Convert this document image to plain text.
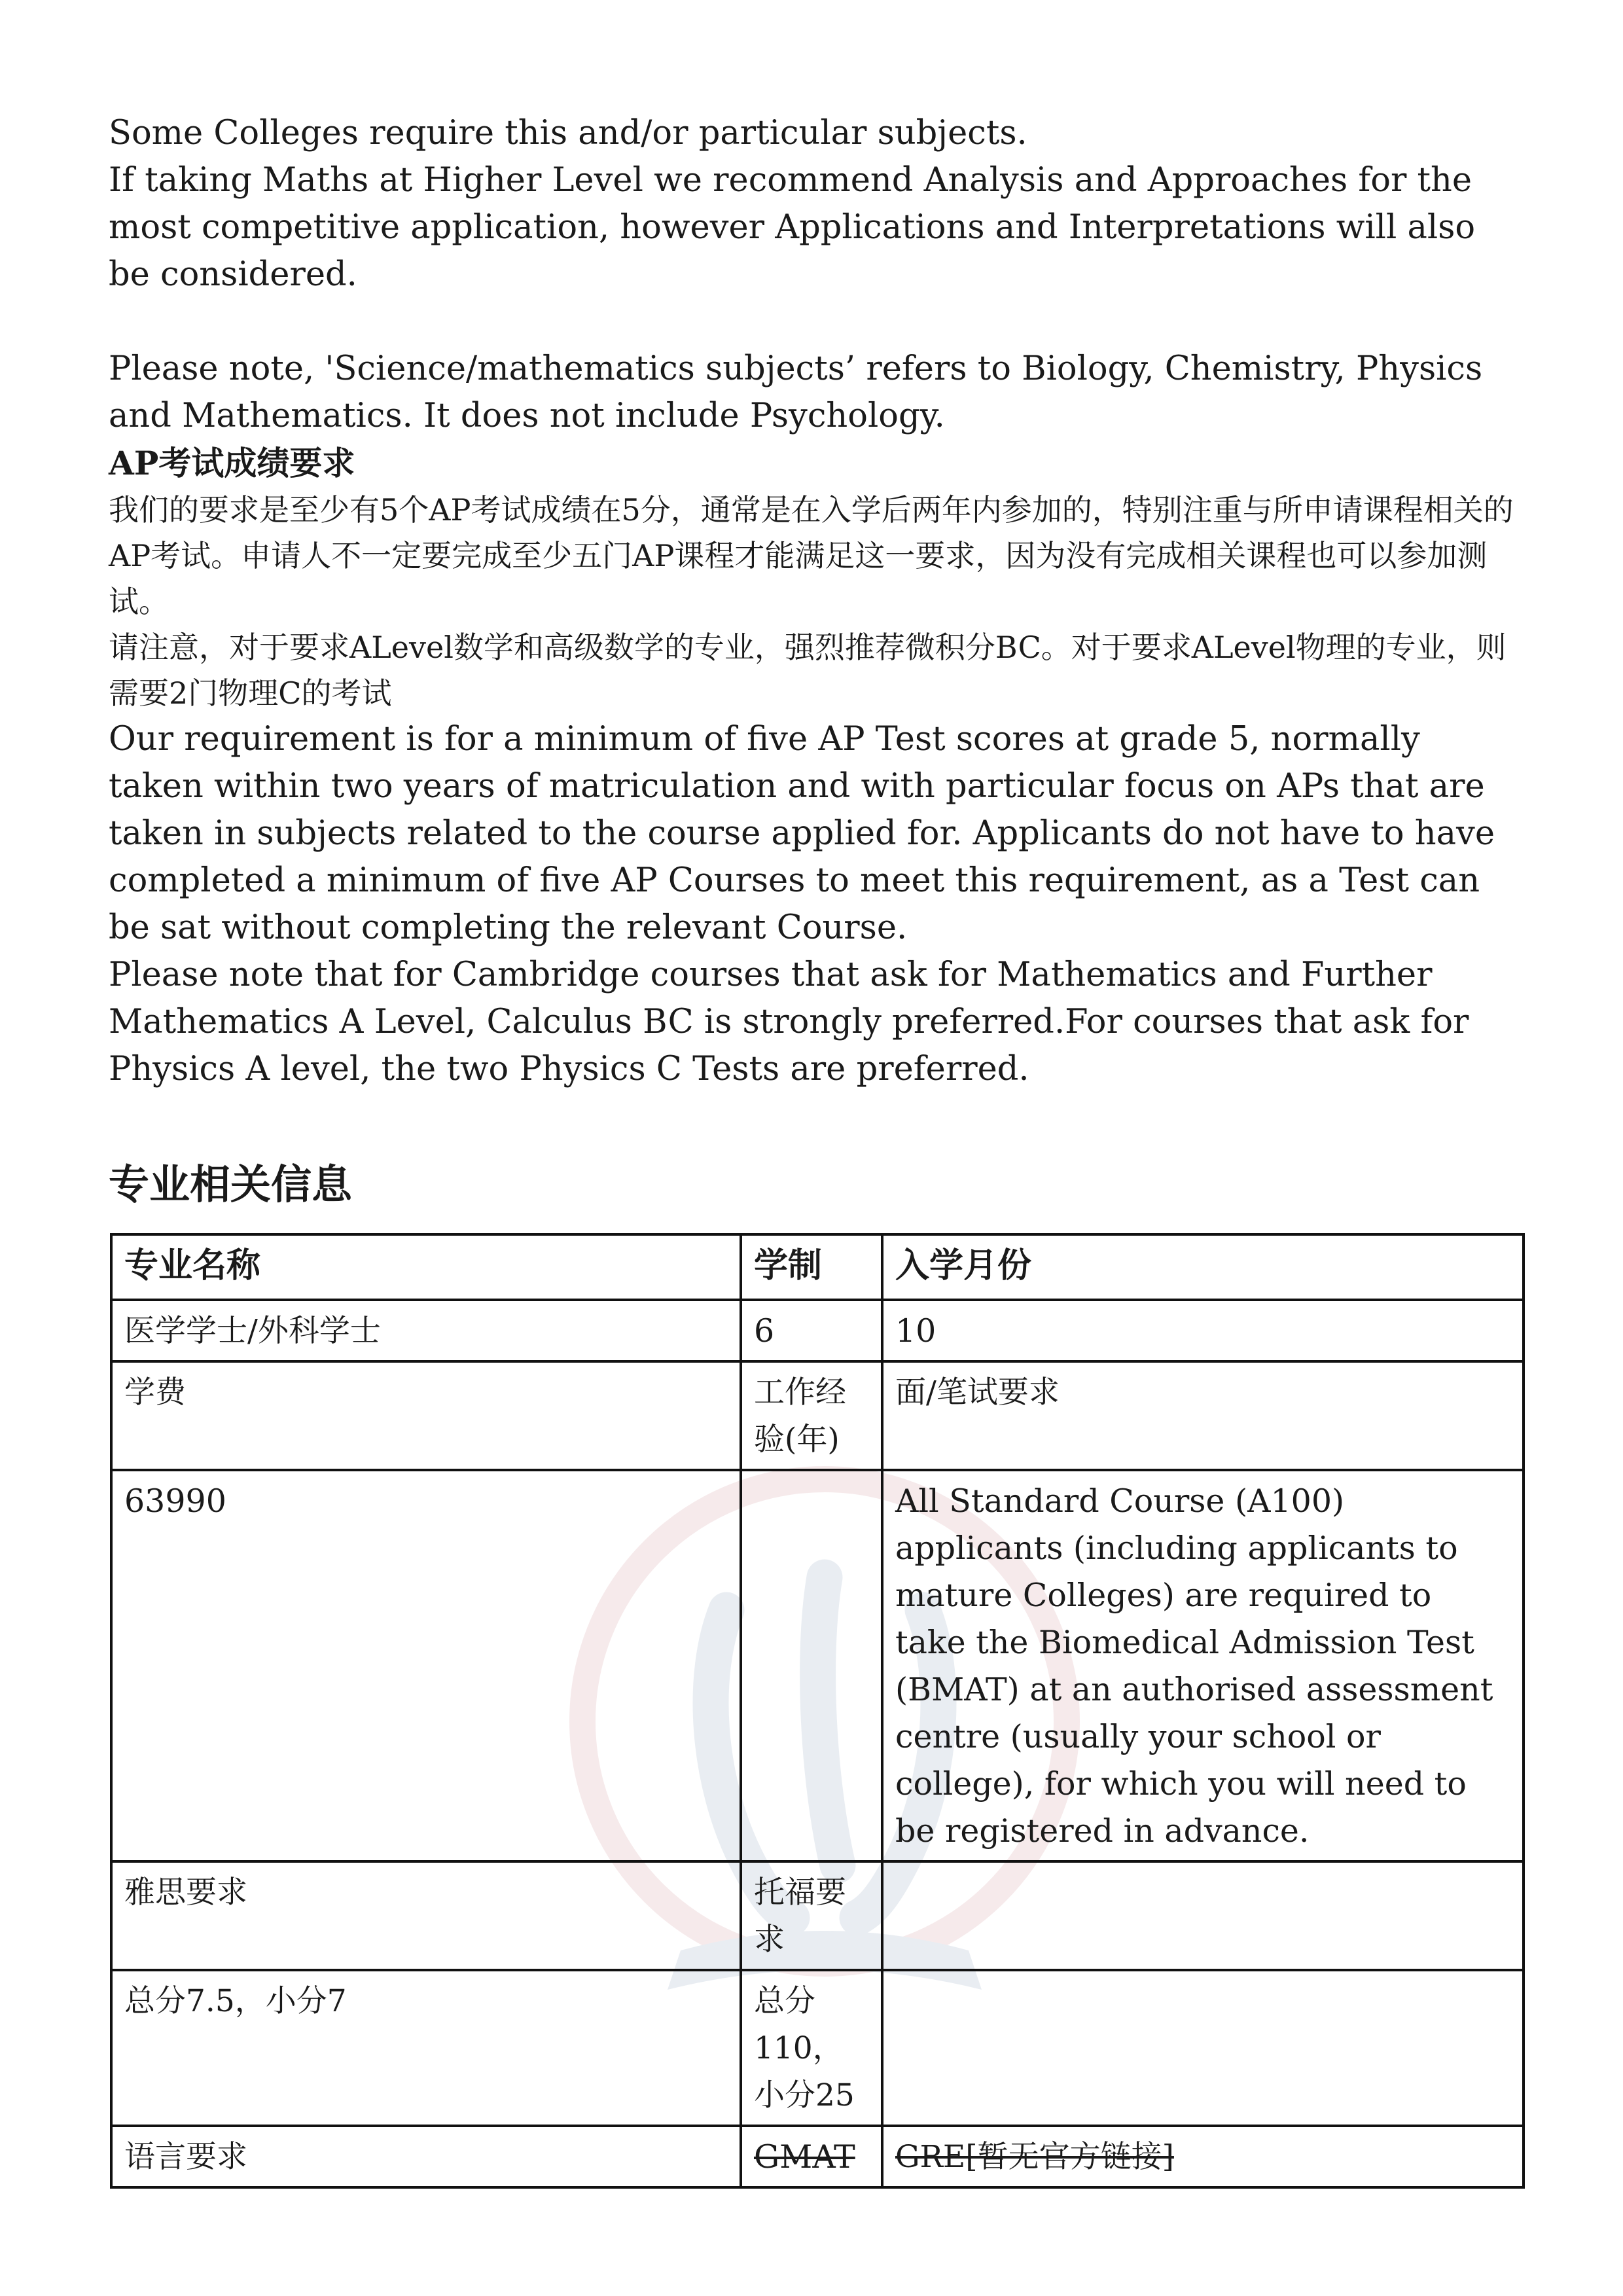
Some Colleges require this and/or particular subjects.

If taking Maths at Higher Level we recommend Analysis and Approaches for the most competitive application, however Applications and Interpretations will also be considered.

Please note, 'Science/mathematics subjects’ refers to Biology, Chemistry, Physics and Mathematics. It does not include Psychology.

AP考试成绩要求

我们的要求是至少有5个AP考试成绩在5分，通常是在入学后两年内参加的，特别注重与所申请课程相关的AP考试。申请人不一定要完成至少五门AP课程才能满足这一要求，因为没有完成相关课程也可以参加测试。

请注意，对于要求ALevel数学和高级数学的专业，强烈推荐微积分BC。对于要求ALevel物理的专业，则需要2门物理C的考试

Our requirement is for a minimum of five AP Test scores at grade 5, normally taken within two years of matriculation and with particular focus on APs that are taken in subjects related to the course applied for. Applicants do not have to have completed a minimum of five AP Courses to meet this requirement, as a Test can be sat without completing the relevant Course.

Please note that for Cambridge courses that ask for Mathematics and Further Mathematics A Level, Calculus BC is strongly preferred.For courses that ask for Physics A level, the two Physics C Tests are preferred.

专业相关信息
专业名称	学制	入学月份
医学学士/外科学士	6	10
学费	工作经验(年)	面/笔试要求
63990		All Standard Course (A100) applicants (including applicants to mature Colleges) are required to take the Biomedical Admission Test (BMAT) at an authorised assessment centre (usually your school or college), for which you will need to be registered in advance.
雅思要求	托福要求	
总分7.5，小分7	总分110，小分25	
语言要求	GMAT	GRE[暂无官方链接]
